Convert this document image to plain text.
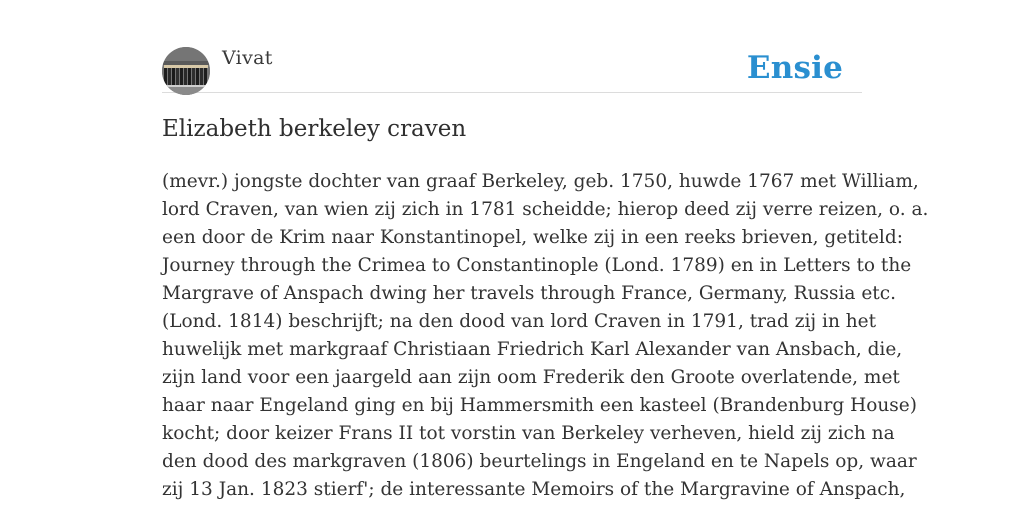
Vivat	Ensie
Elizabeth berkeley craven

(mevr.) jongste dochter van graaf Berkeley, geb. 1750, huwde 1767 met William,
lord Craven, van wien zij zich in 1781 scheidde; hierop deed zij verre reizen, o. a.
een door de Krim naar Konstantinopel, welke zij in een reeks brieven, getiteld:
Journey through the Crimea to Constantinople (Lond. 1789) en in Letters to the
Margrave of Anspach dwing her travels through France, Germany, Russia etc.
(Lond. 1814) beschrijft; na den dood van lord Craven in 1791, trad zij in het
huwelijk met markgraaf Christiaan Friedrich Karl Alexander van Ansbach, die,
zijn land voor een jaargeld aan zijn oom Frederik den Groote overlatende, met
haar naar Engeland ging en bij Hammersmith een kasteel (Brandenburg House)
kocht; door keizer Frans II tot vorstin van Berkeley verheven, hield zij zich na
den dood des markgraven (1806) beurtelings in Engeland en te Napels op, waar
zij 13 Jan. 1823 stierf'; de interessante Memoirs of the Margravine of Anspach,
